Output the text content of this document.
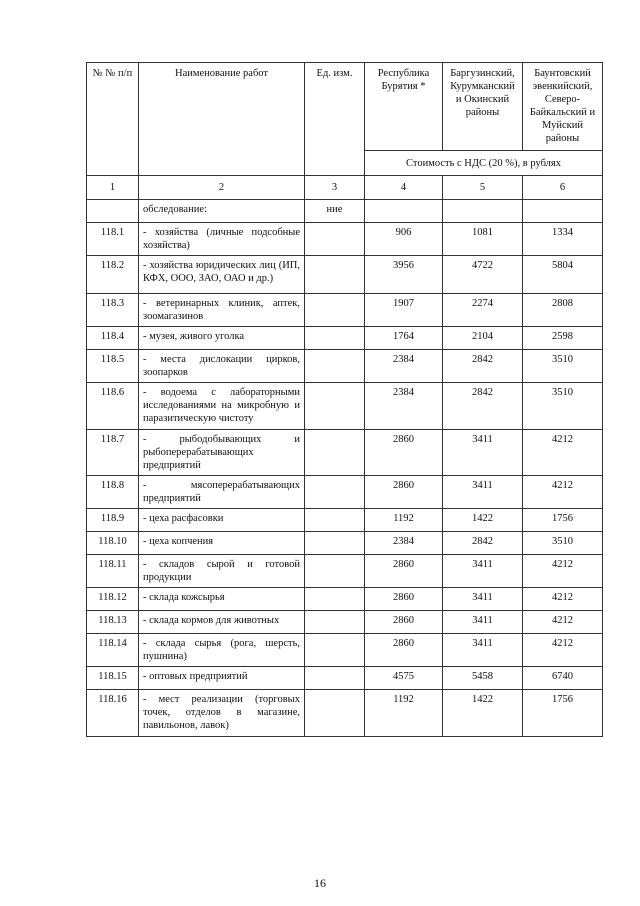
№ № п/п	Наименование работ	Ед. изм.	Республика Бурятия *	Баргузинский, Курумканский и Окинский районы	Баунтовский эвенкийский, Северо-Байкальский и Муйский районы
			Стоимость с НДС (20 %), в рублях		
1	2	3	4	5	6
	обследование:	ние			
118.1	- хозяйства (личные подсобные хозяйства)		906	1081	1334
118.2	- хозяйства юридических лиц (ИП, КФХ, ООО, ЗАО, ОАО и др.)		3956	4722	5804
118.3	- ветеринарных клиник, аптек, зоомагазинов		1907	2274	2808
118.4	- музея, живого уголка		1764	2104	2598
118.5	- места дислокации цирков, зоопарков		2384	2842	3510
118.6	- водоема с лабораторными исследованиями на микробную и паразитическую чистоту		2384	2842	3510
118.7	- рыбодобывающих и рыбоперерабатывающих предприятий		2860	3411	4212
118.8	- мясоперерабатывающих предприятий		2860	3411	4212
118.9	- цеха расфасовки		1192	1422	1756
118.10	- цеха копчения		2384	2842	3510
118.11	- складов сырой и готовой продукции		2860	3411	4212
118.12	- склада кожсырья		2860	3411	4212
118.13	- склада кормов для животных		2860	3411	4212
118.14	- склада сырья (рога, шерсть, пушнина)		2860	3411	4212
118.15	- оптовых предприятий		4575	5458	6740
118.16	- мест реализации (торговых точек, отделов в магазине, павильонов, лавок)		1192	1422	1756
16
